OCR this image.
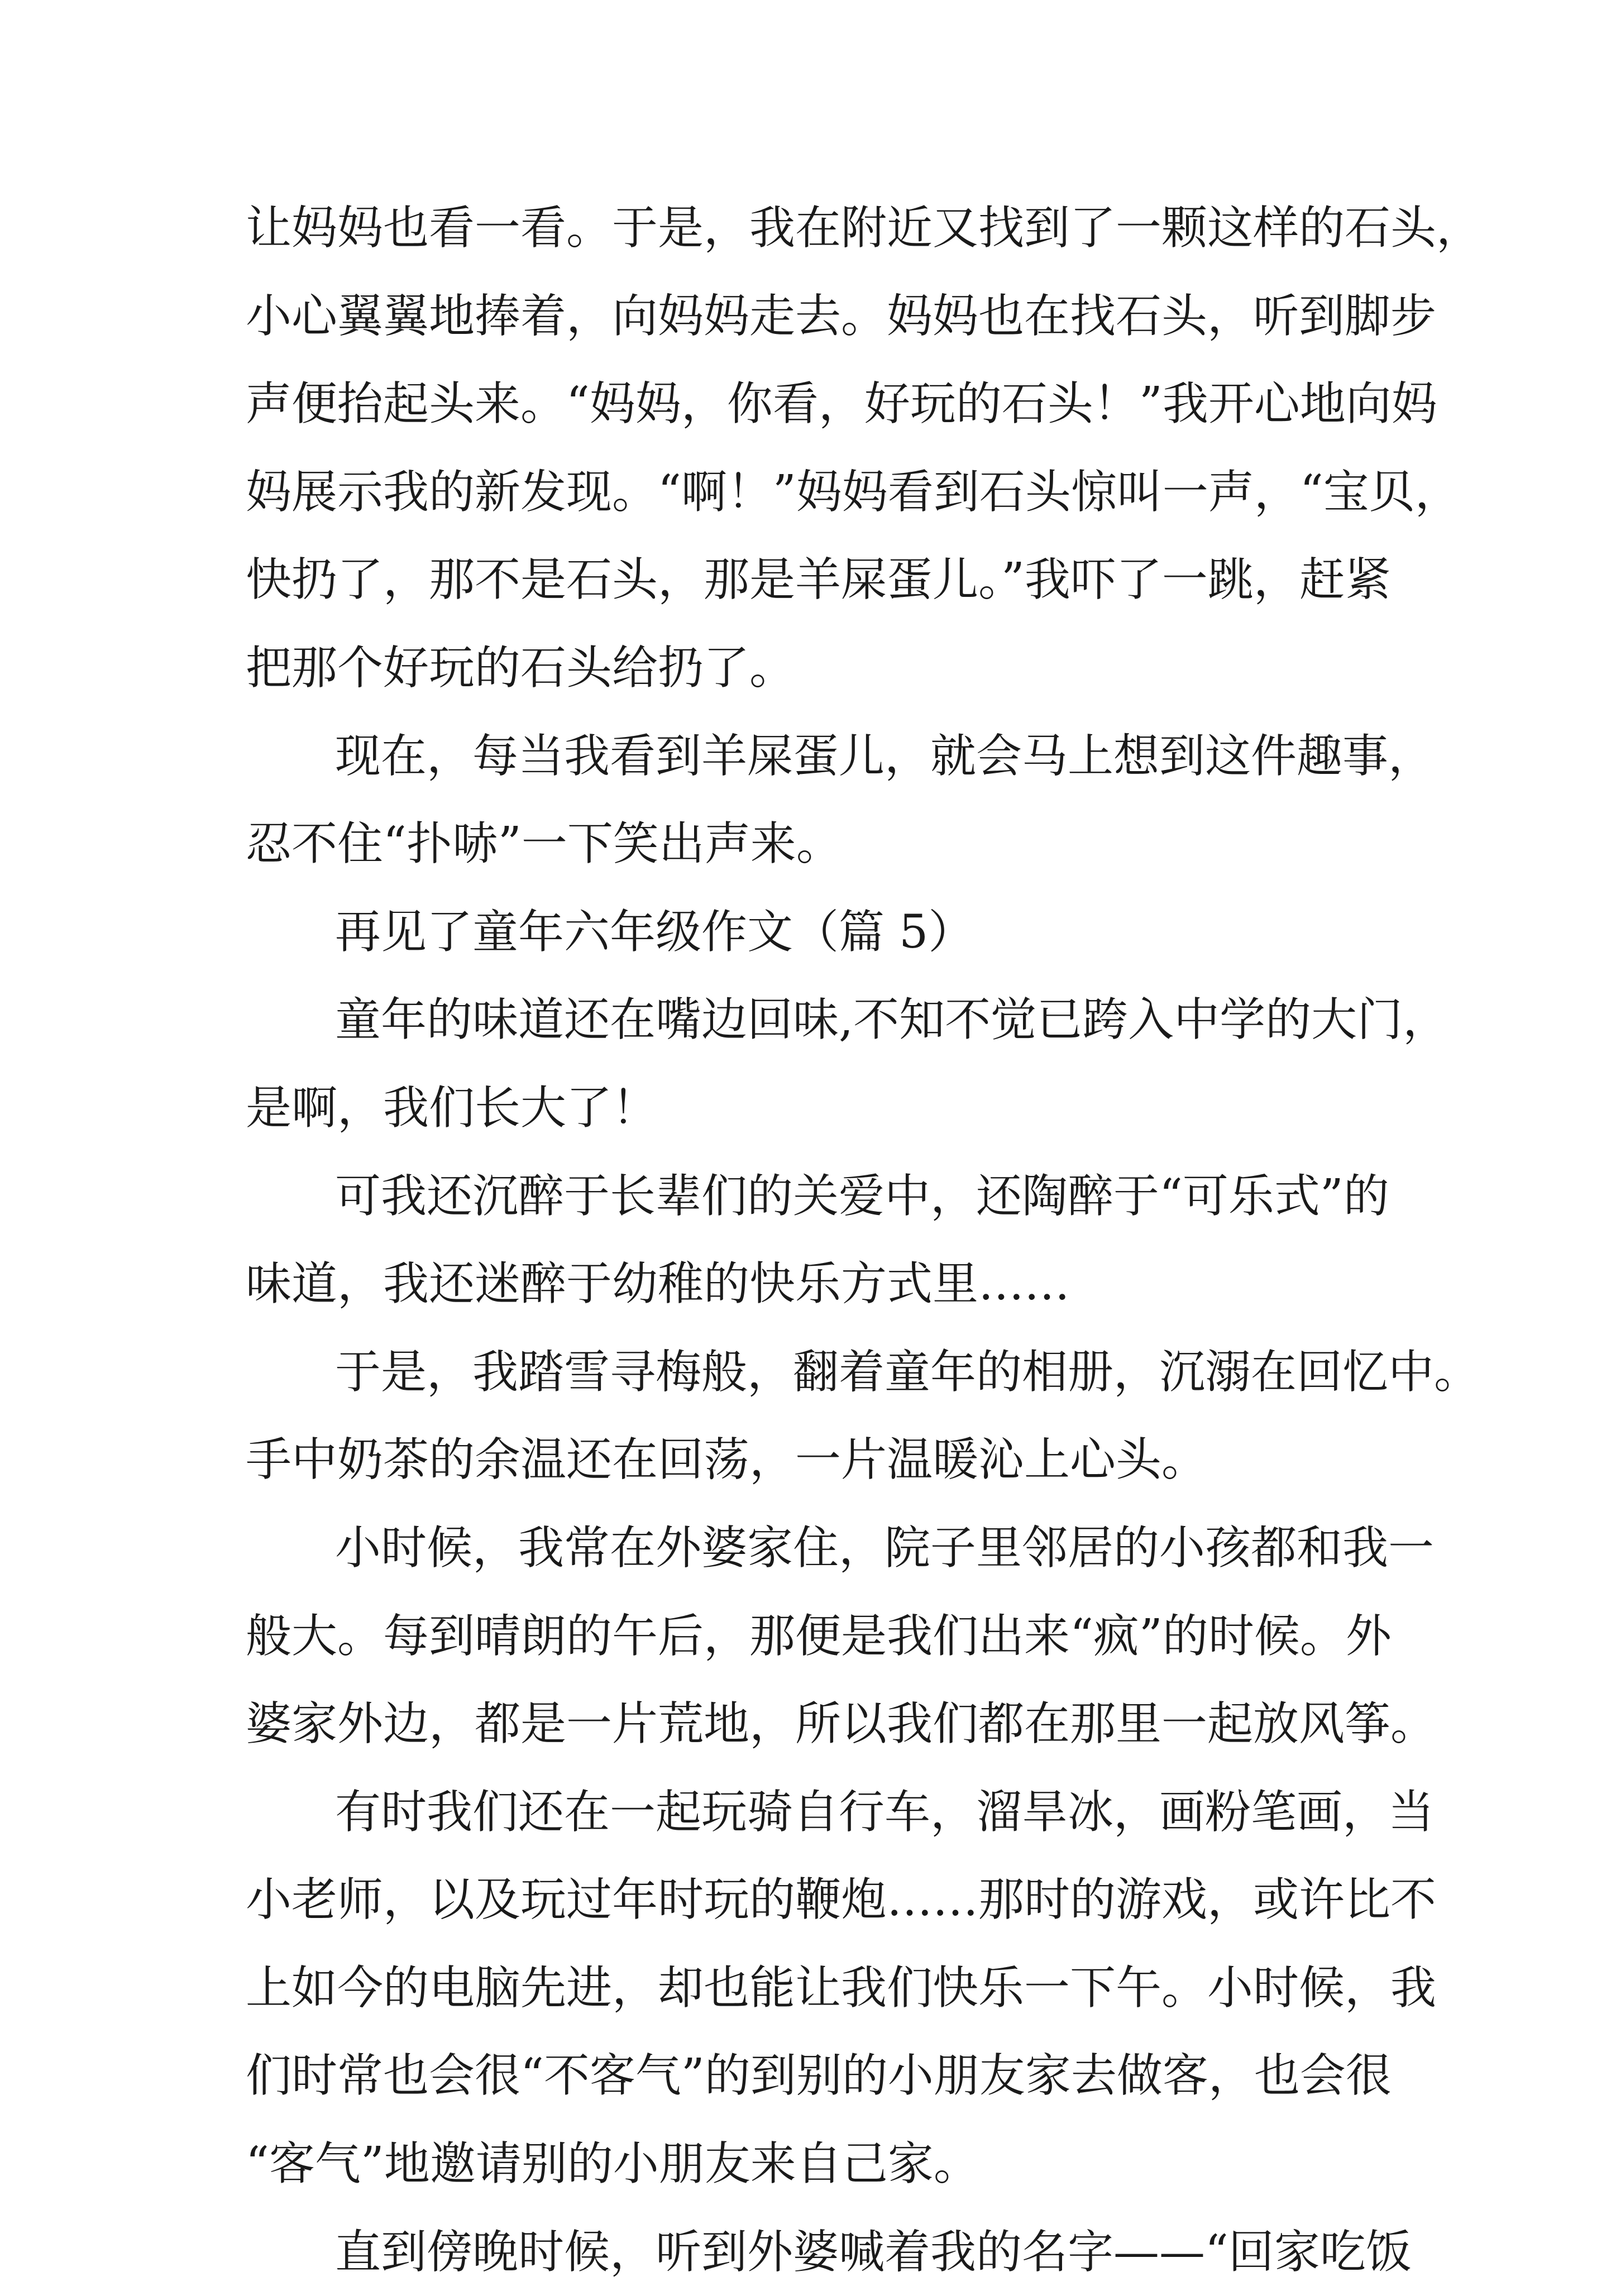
让妈妈也看一看。于是，我在附近又找到了一颗这样的石头，

小心翼翼地捧着，向妈妈走去。妈妈也在找石头，听到脚步

声便抬起头来。“妈妈，你看，好玩的石头！”我开心地向妈

妈展示我的新发现。“啊！”妈妈看到石头惊叫一声，“宝贝，

快扔了，那不是石头，那是羊屎蛋儿。”我吓了一跳，赶紧

把那个好玩的石头给扔了。

现在，每当我看到羊屎蛋儿，就会马上想到这件趣事，

忍不住“扑哧”一下笑出声来。

再见了童年六年级作文（篇 5）

童年的味道还在嘴边回味,不知不觉已跨入中学的大门，

是啊，我们长大了！

可我还沉醉于长辈们的关爱中，还陶醉于“可乐式”的

味道，我还迷醉于幼稚的快乐方式里……

于是，我踏雪寻梅般，翻着童年的相册，沉溺在回忆中。

手中奶茶的余温还在回荡，一片温暖沁上心头。

小时候，我常在外婆家住，院子里邻居的小孩都和我一

般大。每到晴朗的午后，那便是我们出来“疯”的时候。外

婆家外边，都是一片荒地，所以我们都在那里一起放风筝。

有时我们还在一起玩骑自行车，溜旱冰，画粉笔画，当

小老师，以及玩过年时玩的鞭炮……那时的游戏，或许比不

上如今的电脑先进，却也能让我们快乐一下午。小时候，我

们时常也会很“不客气”的到别的小朋友家去做客，也会很

“客气”地邀请别的小朋友来自己家。

直到傍晚时候，听到外婆喊着我的名字——“回家吃饭
